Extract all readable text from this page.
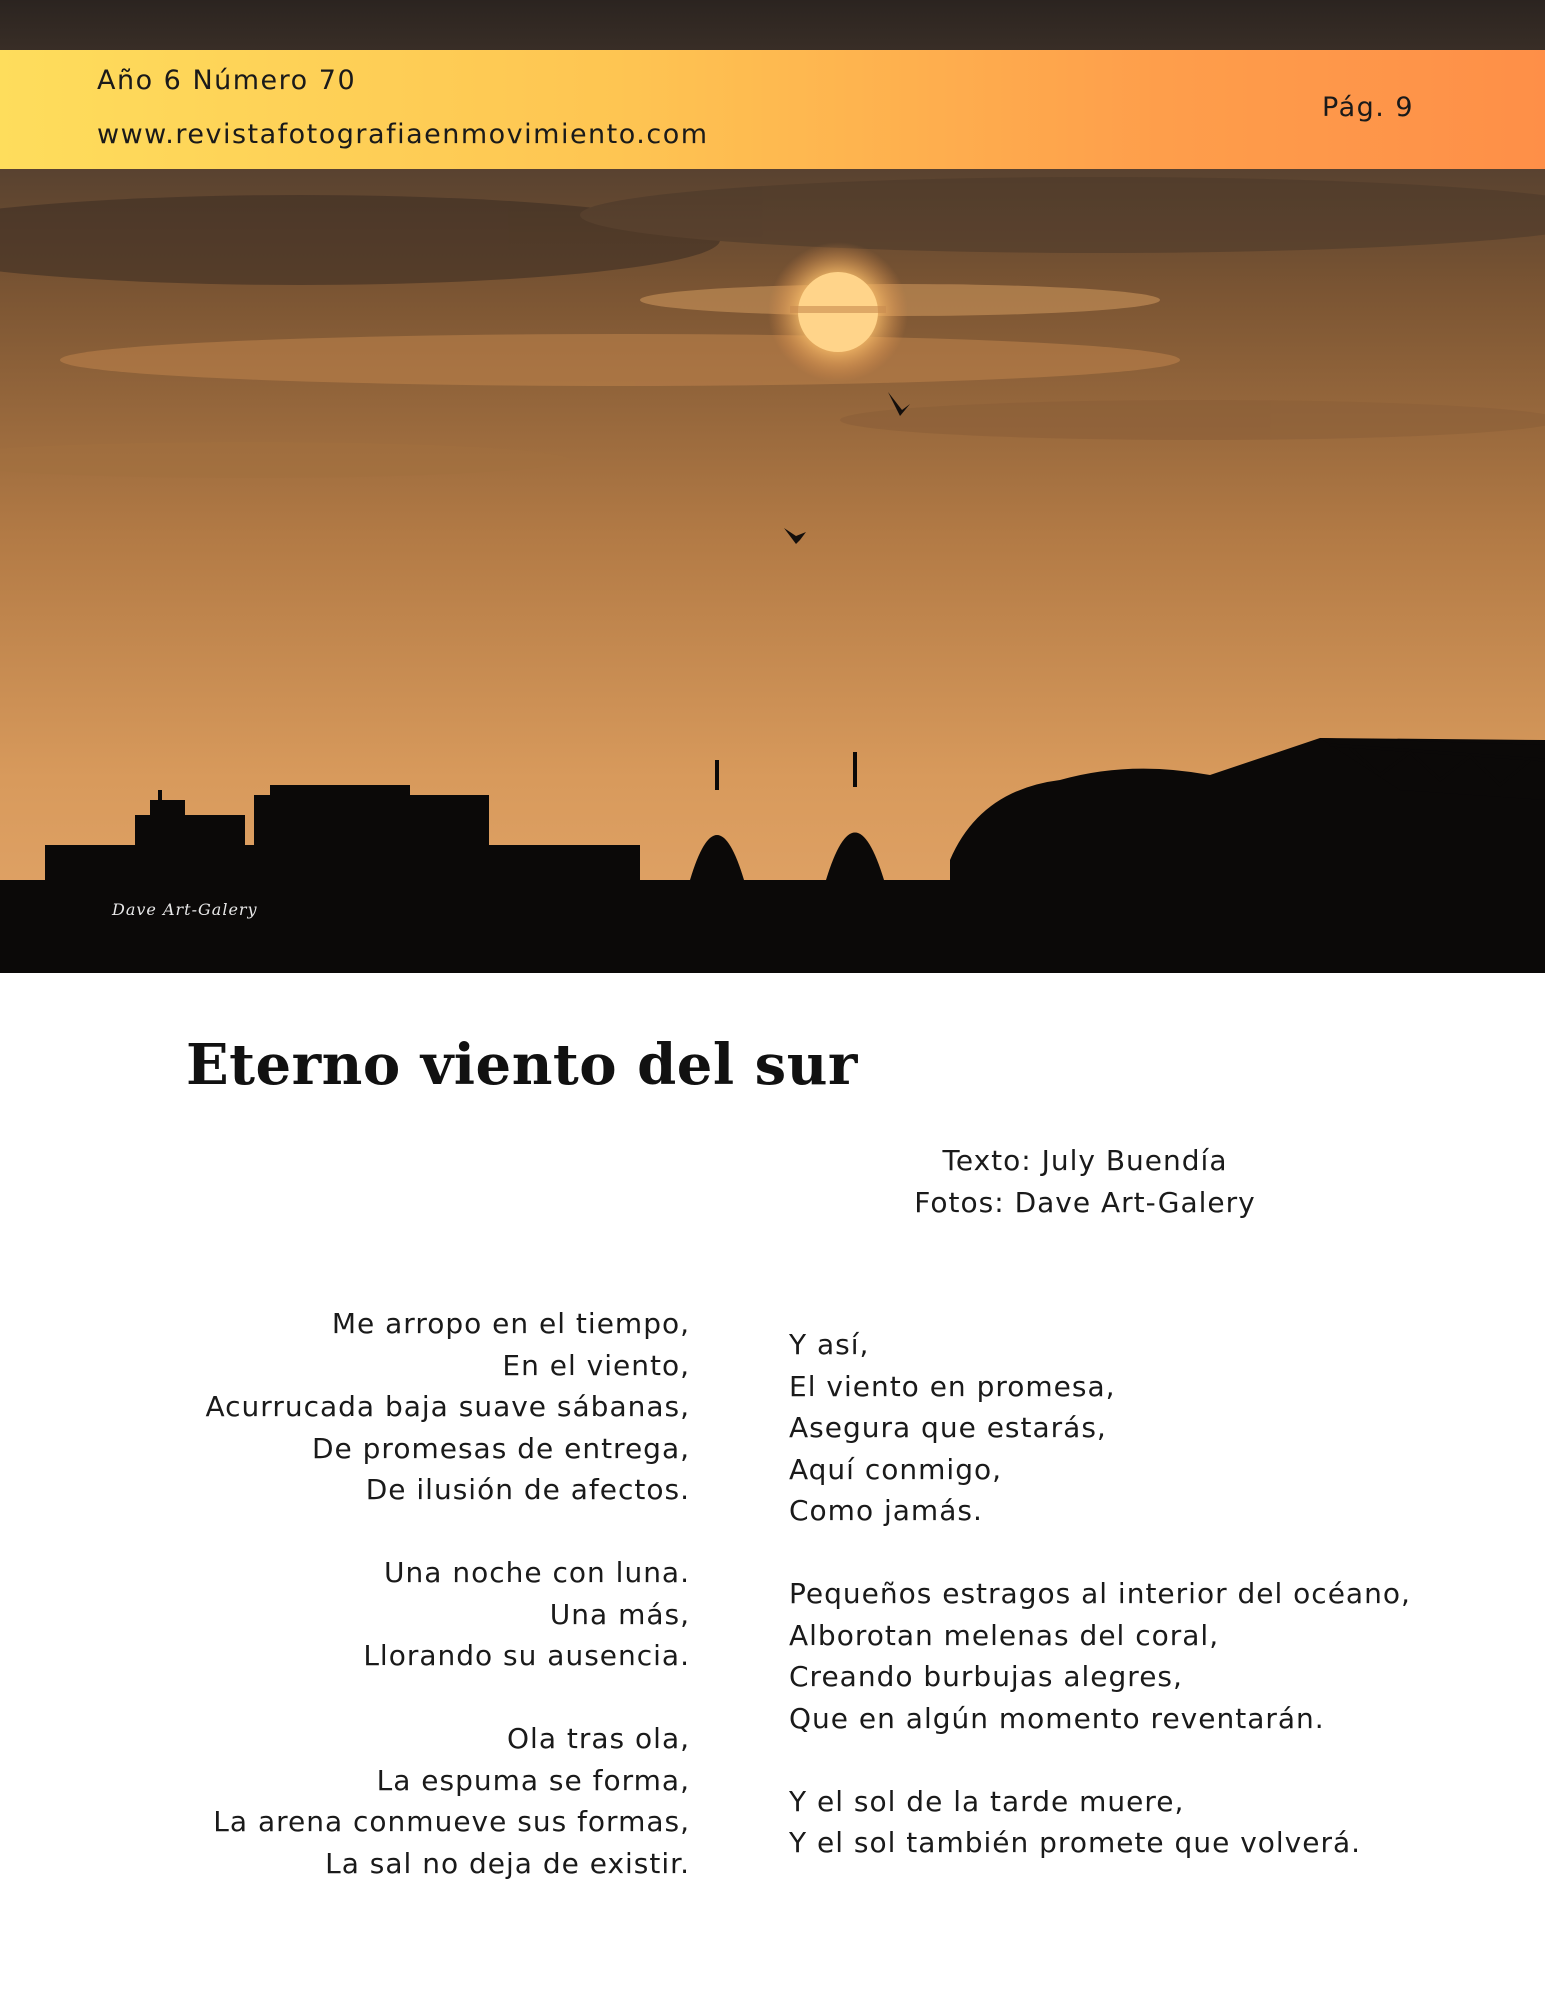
Dave Art-Galery
Año 6 Número 70
www.revistafotografiaenmovimiento.com
Pág. 9
Eterno viento del sur
Texto: July Buendía
Fotos: Dave Art-Galery
Me arropo en el tiempo,
En el viento,
Acurrucada baja suave sábanas,
De promesas de entrega,
De ilusión de afectos.
Una noche con luna.
Una más,
Llorando su ausencia.
Ola tras ola,
La espuma se forma,
La arena conmueve sus formas,
La sal no deja de existir.
Y así,
El viento en promesa,
Asegura que estarás,
Aquí conmigo,
Como jamás.
Pequeños estragos al interior del océano,
Alborotan melenas del coral,
Creando burbujas alegres,
Que en algún momento reventarán.
Y el sol de la tarde muere,
Y el sol también promete que volverá.
